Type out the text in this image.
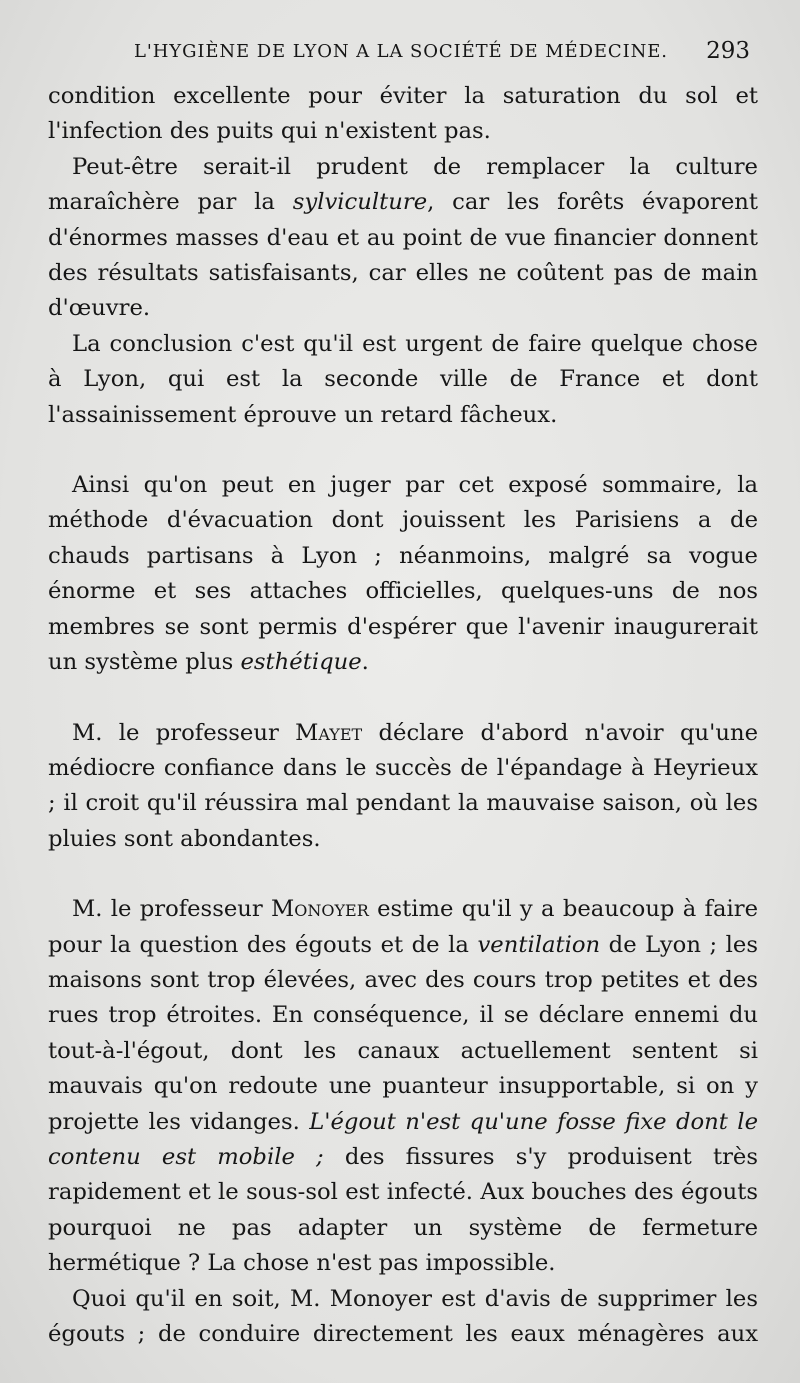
L'HYGIÈNE DE LYON A LA SOCIÉTÉ DE MÉDECINE. 293

condition excellente pour éviter la saturation du sol et l'infection des puits qui n'existent pas.

Peut-être serait-il prudent de remplacer la culture maraîchère par la sylviculture, car les forêts évaporent d'énormes masses d'eau et au point de vue financier donnent des résultats satisfaisants, car elles ne coûtent pas de main d'œuvre.

La conclusion c'est qu'il est urgent de faire quelque chose à Lyon, qui est la seconde ville de France et dont l'assainissement éprouve un retard fâcheux.

Ainsi qu'on peut en juger par cet exposé sommaire, la méthode d'évacuation dont jouissent les Parisiens a de chauds partisans à Lyon ; néanmoins, malgré sa vogue énorme et ses attaches officielles, quelques-uns de nos membres se sont permis d'espérer que l'avenir inaugurerait un système plus esthétique.

M. le professeur Mayet déclare d'abord n'avoir qu'une médiocre confiance dans le succès de l'épandage à Heyrieux ; il croit qu'il réussira mal pendant la mauvaise saison, où les pluies sont abondantes.

M. le professeur Monoyer estime qu'il y a beaucoup à faire pour la question des égouts et de la ventilation de Lyon ; les maisons sont trop élevées, avec des cours trop petites et des rues trop étroites. En conséquence, il se déclare ennemi du tout-à-l'égout, dont les canaux actuellement sentent si mauvais qu'on redoute une puanteur insupportable, si on y projette les vidanges. L'égout n'est qu'une fosse fixe dont le contenu est mobile ; des fissures s'y produisent très rapidement et le sous-sol est infecté. Aux bouches des égouts pourquoi ne pas adapter un système de fermeture hermétique ? La chose n'est pas impossible.

Quoi qu'il en soit, M. Monoyer est d'avis de supprimer les égouts ; de conduire directement les eaux ménagères aux
